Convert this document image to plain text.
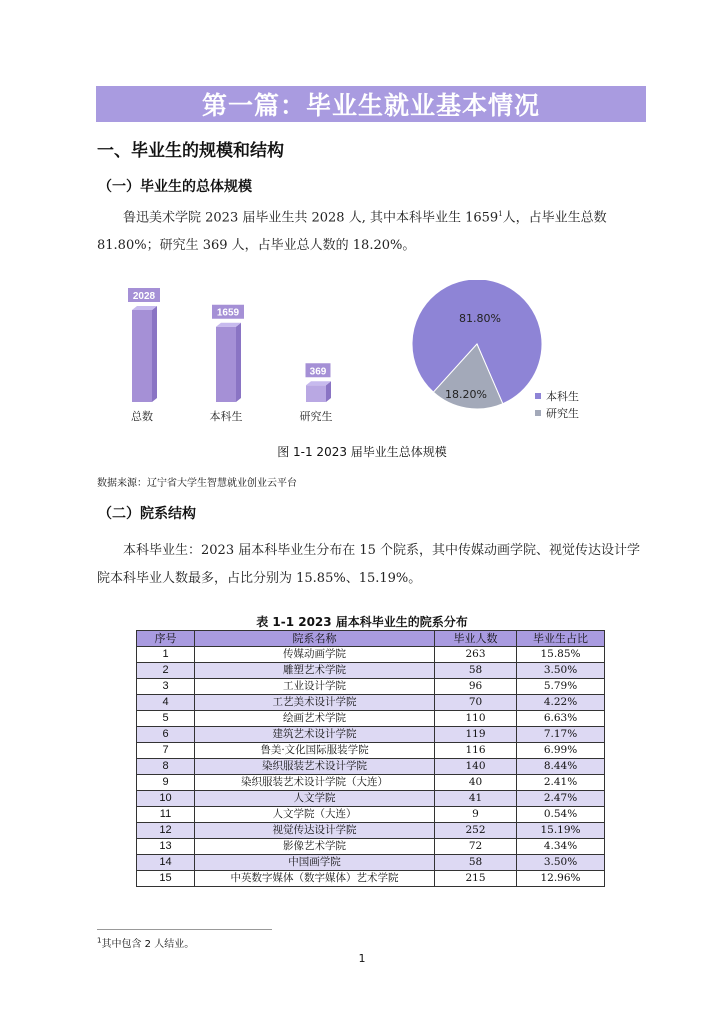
第一篇：毕业生就业基本情况
一、毕业生的规模和结构
（一）毕业生的总体规模
鲁迅美术学院 2023 届毕业生共 2028 人, 其中本科毕业生 1659$^1$人，占毕业生总数 81.80%；研究生 369 人，占毕业总人数的 18.20%。
2028
总数
1659
本科生
369
研究生
81.80%
18.20%	本科生
研究生
图 1-1 2023 届毕业生总体规模
数据来源：辽宁省大学生智慧就业创业云平台
（二）院系结构
本科毕业生：2023 届本科毕业生分布在 15 个院系，其中传媒动画学院、视觉传达设计学院本科毕业人数最多，占比分别为 15.85%、15.19%。
表 1-1 2023 届本科毕业生的院系分布
序号	院系名称	毕业人数	毕业生占比
1	传媒动画学院	263	15.85%
2	雕塑艺术学院	58	3.50%
3	工业设计学院	96	5.79%
4	工艺美术设计学院	70	4.22%
5	绘画艺术学院	110	6.63%
6	建筑艺术设计学院	119	7.17%
7	鲁美·文化国际服装学院	116	6.99%
8	染织服装艺术设计学院	140	8.44%
9	染织服装艺术设计学院（大连）	40	2.41%
10	人文学院	41	2.47%
11	人文学院（大连）	9	0.54%
12	视觉传达设计学院	252	15.19%
13	影像艺术学院	72	4.34%
14	中国画学院	58	3.50%
15	中英数字媒体（数字媒体）艺术学院	215	12.96%
$^1$其中包含 2 人结业。
1
